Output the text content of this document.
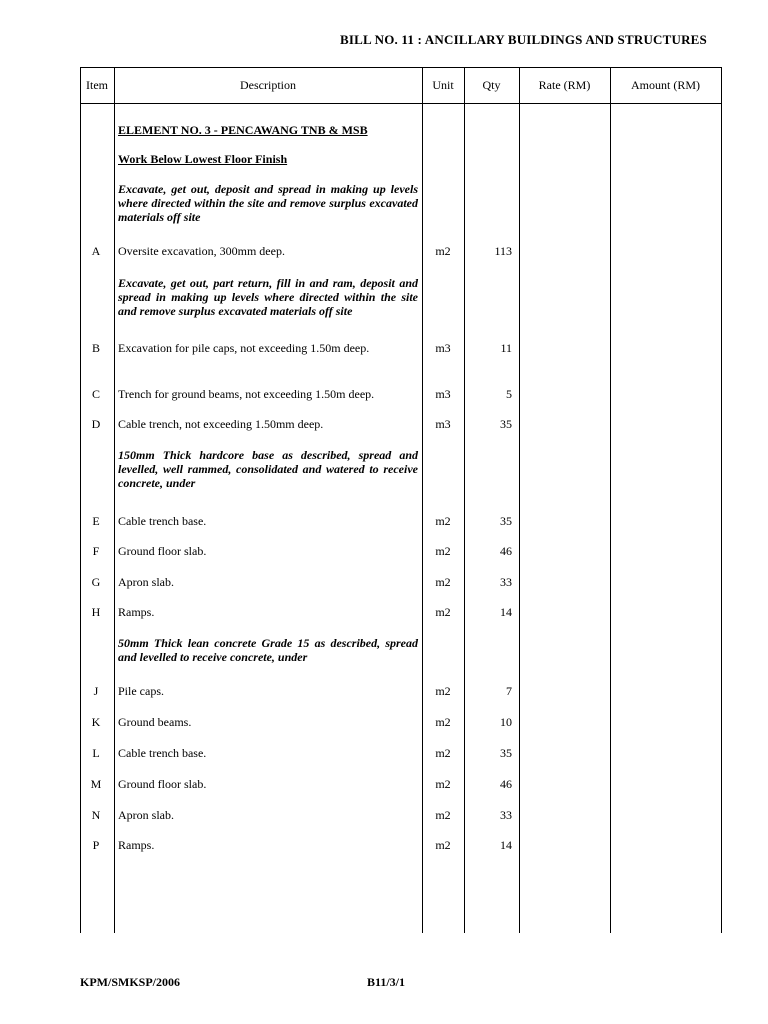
BILL NO. 11 : ANCILLARY BUILDINGS AND STRUCTURES
Item	Description	Unit	Qty	Rate (RM)	Amount (RM)
ELEMENT NO. 3 - PENCAWANG TNB & MSB
Work Below Lowest Floor Finish
Excavate, get out, deposit and spread in making up levels where directed within the site and remove surplus excavated materials off site
A	Oversite excavation, 300mm deep.	m2	113
Excavate, get out, part return, fill in and ram, deposit and spread in making up levels where directed within the site and remove surplus excavated materials off site
B	Excavation for pile caps, not exceeding 1.50m deep.	m3	11
C	Trench for ground beams, not exceeding 1.50m deep.	m3	5
D	Cable trench, not exceeding 1.50mm deep.	m3	35
150mm Thick hardcore base as described, spread and levelled, well rammed, consolidated and watered to receive concrete, under
E	Cable trench base.	m2	35
F	Ground floor slab.	m2	46
G	Apron slab.	m2	33
H	Ramps.	m2	14
50mm Thick lean concrete Grade 15 as described, spread and levelled to receive concrete, under
J	Pile caps.	m2	7
K	Ground beams.	m2	10
L	Cable trench base.	m2	35
M	Ground floor slab.	m2	46
N	Apron slab.	m2	33
P	Ramps.	m2	14
KPM/SMKSP/2006	B11/3/1
